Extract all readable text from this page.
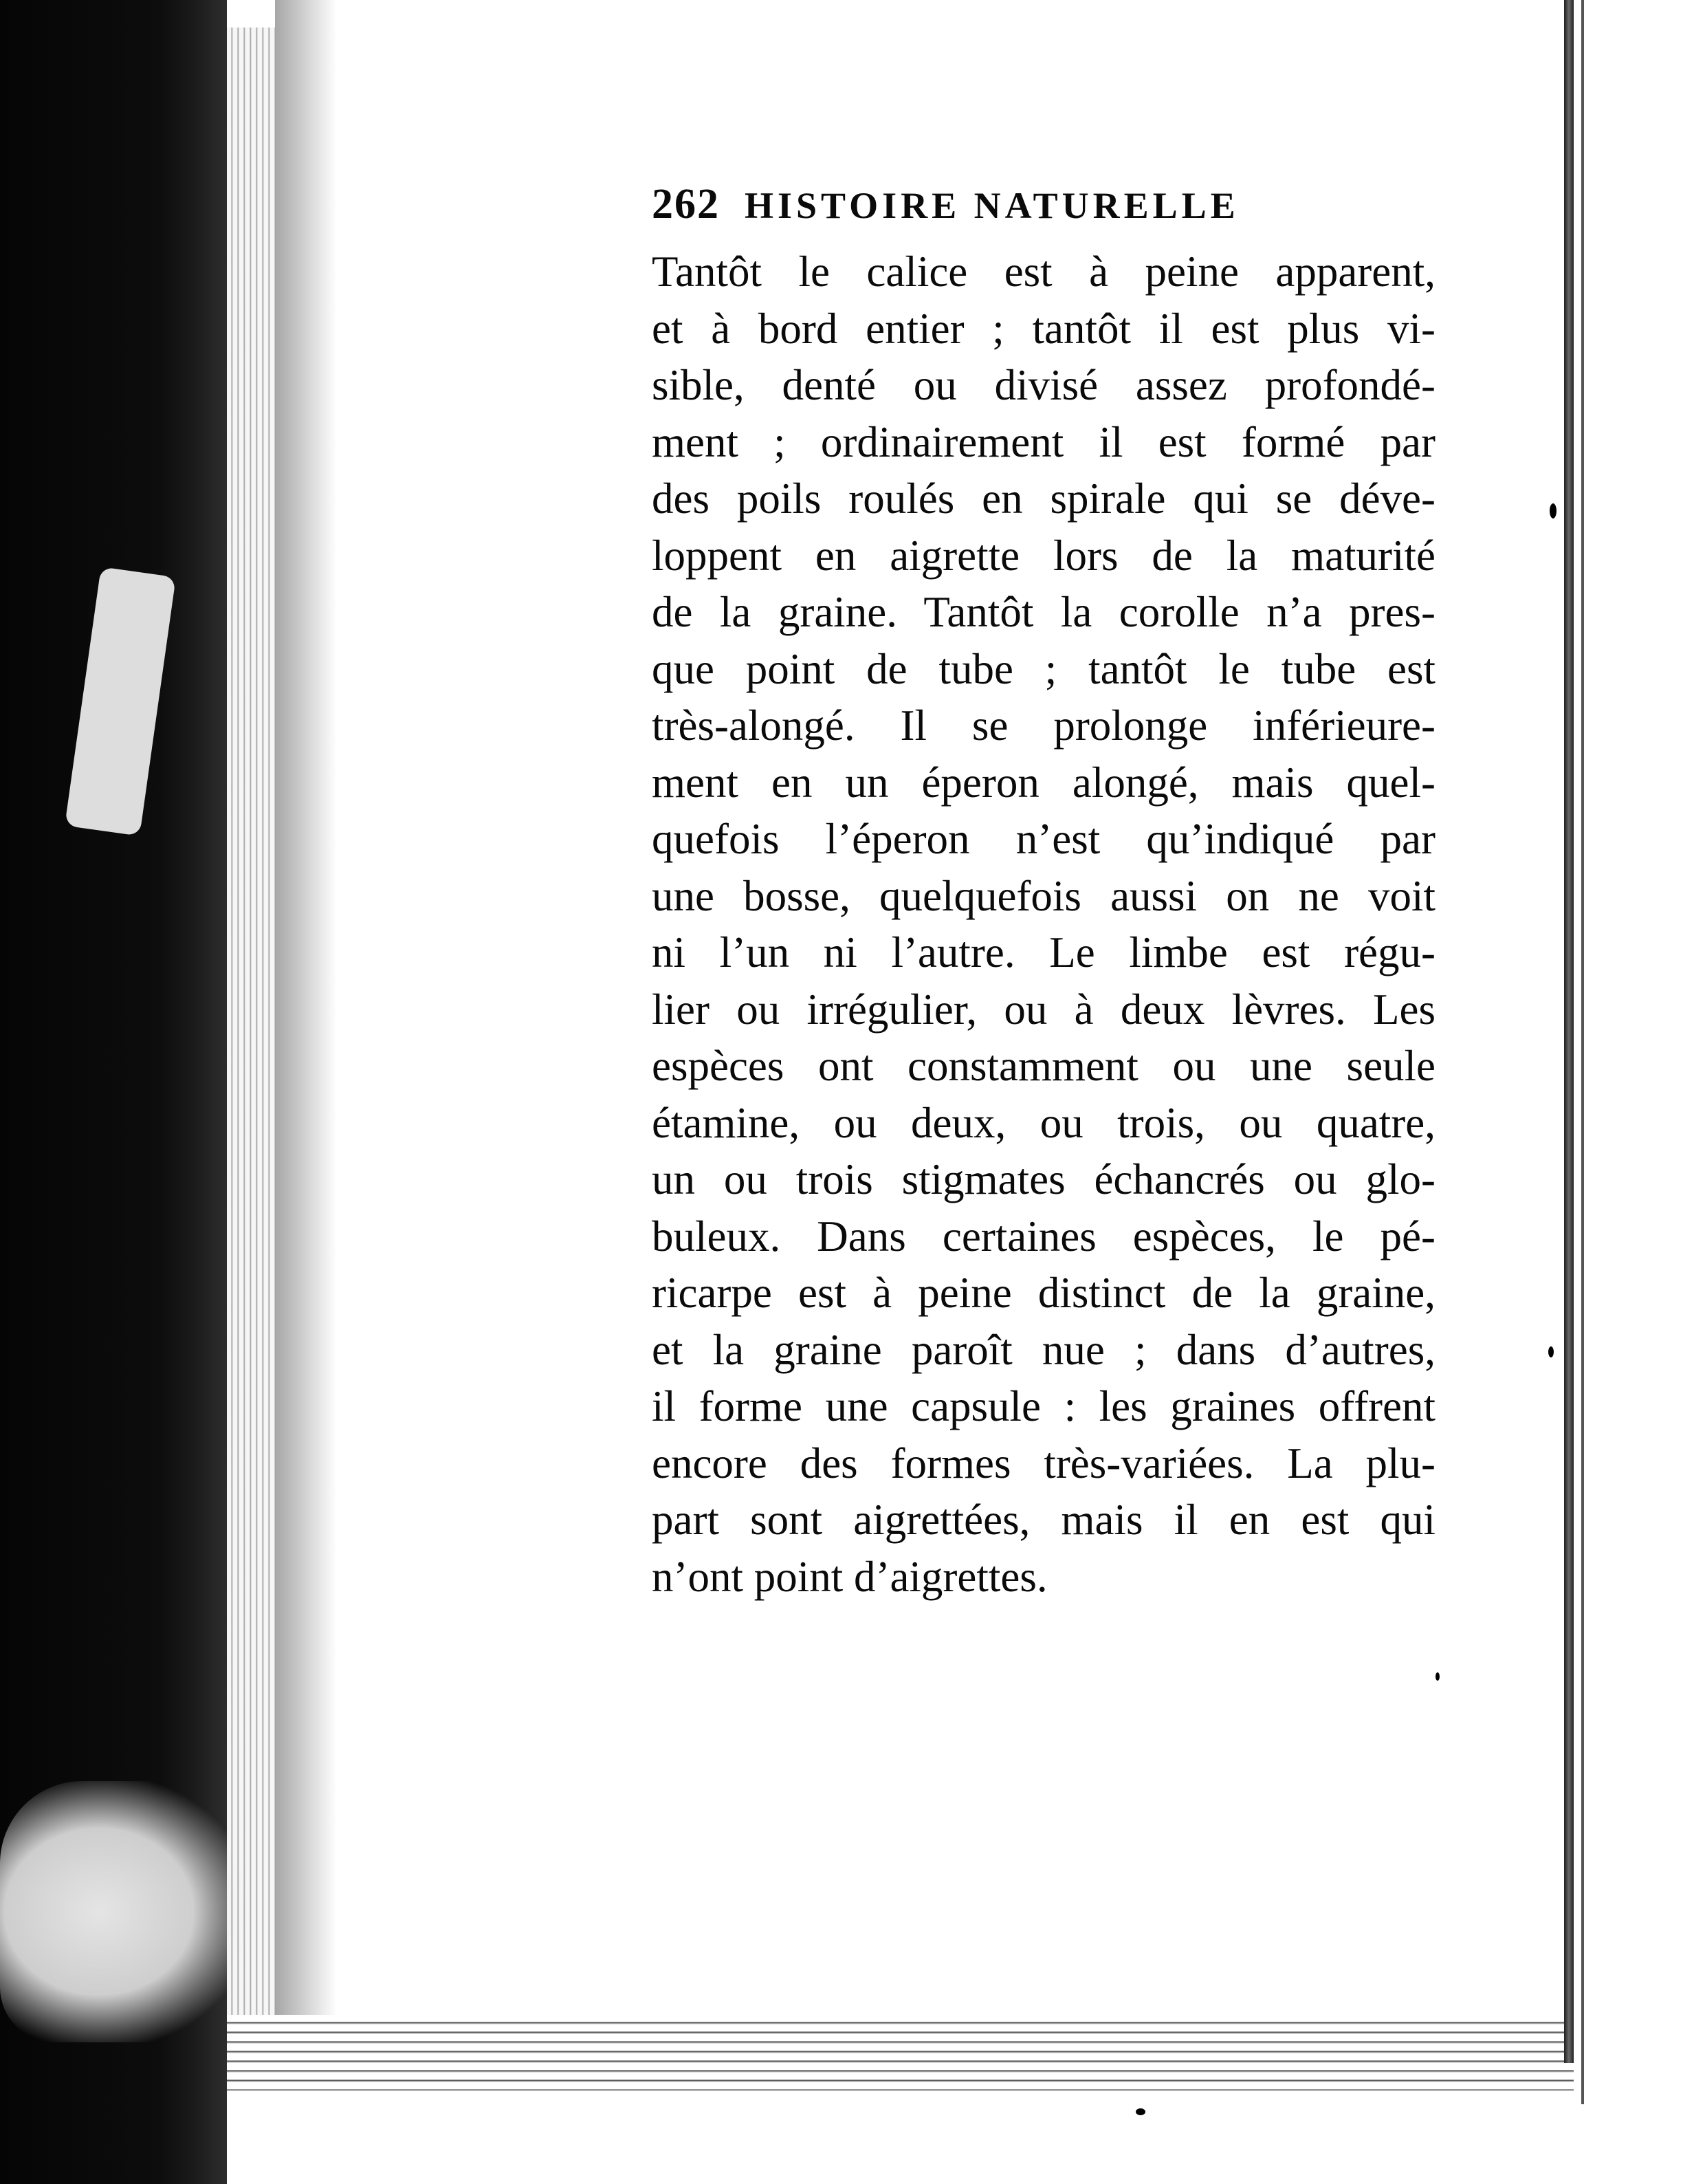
262 HISTOIRE NATURELLE
Tantôt le calice est à peine apparent,
et à bord entier ; tantôt il est plus vi-
sible, denté ou divisé assez profondé-
ment ; ordinairement il est formé par
des poils roulés en spirale qui se déve-
loppent en aigrette lors de la maturité
de la graine. Tantôt la corolle n’a pres-
que point de tube ; tantôt le tube est
très-alongé. Il se prolonge inférieure-
ment en un éperon alongé, mais quel-
quefois l’éperon n’est qu’indiqué par
une bosse, quelquefois aussi on ne voit
ni l’un ni l’autre. Le limbe est régu-
lier ou irrégulier, ou à deux lèvres. Les
espèces ont constamment ou une seule
étamine, ou deux, ou trois, ou quatre,
un ou trois stigmates échancrés ou glo-
buleux. Dans certaines espèces, le pé-
ricarpe est à peine distinct de la graine,
et la graine paroît nue ; dans d’autres,
il forme une capsule : les graines offrent
encore des formes très-variées. La plu-
part sont aigrettées, mais il en est qui
n’ont point d’aigrettes.
